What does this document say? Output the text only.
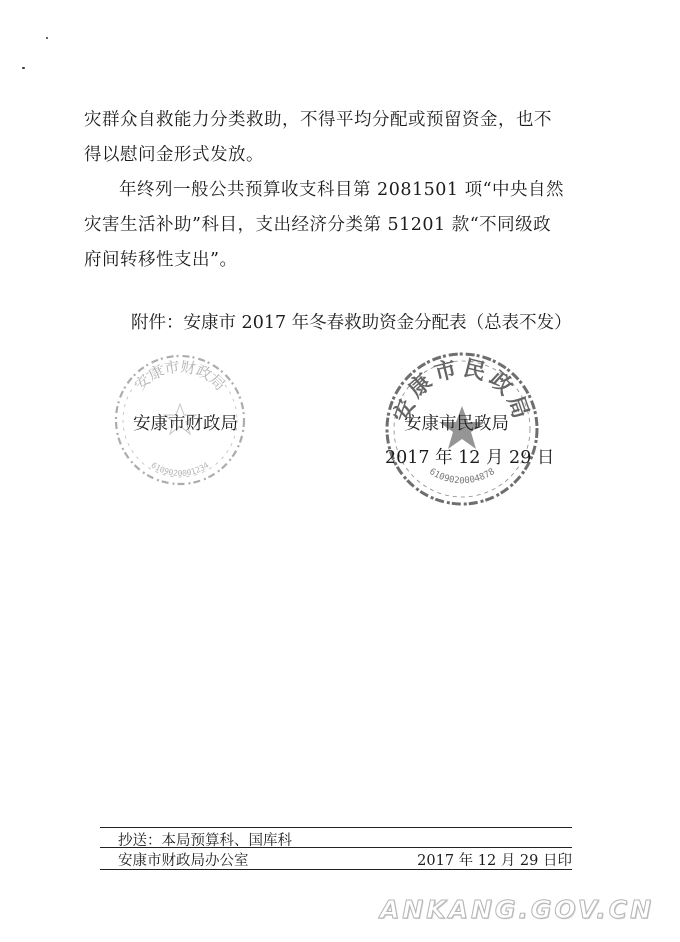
灾群众自救能力分类救助，不得平均分配或预留资金，也不
得以慰问金形式发放。
年终列一般公共预算收支科目第 2081501 项“中央自然
灾害生活补助”科目，支出经济分类第 51201 款“不同级政
府间转移性支出”。
附件：安康市 2017 年冬春救助资金分配表（总表不发）
安康市财政局
6109020001234
安康市民政局
6109020004878
安康市财政局	安康市民政局
2017 年 12 月 29 日
抄送：本局预算科、国库科
安康市财政局办公室	2017 年 12 月 29 日印
ANKANG.GOV.CN
